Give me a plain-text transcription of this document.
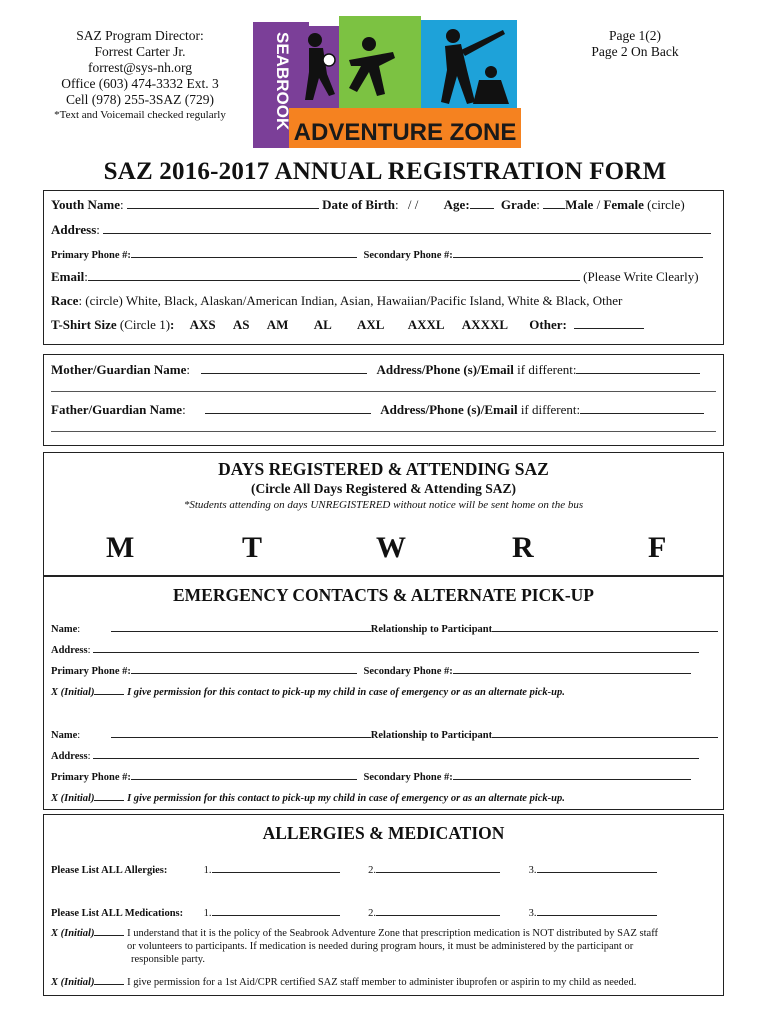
SAZ Program Director:
Forrest Carter Jr.
forrest@sys-nh.org
Office (603) 474-3332 Ext. 3
Cell (978) 255-3SAZ (729)
*Text and Voicemail checked regularly
Page 1(2)
Page 2 On Back
SEABROOK
ADVENTURE ZONE
SAZ 2016-2017 ANNUAL REGISTRATION FORM
Youth Name:	Date of Birth: / / Age: Grade: Male / Female (circle)
Address:
Primary Phone #:	Secondary Phone #:
Email:	(Please Write Clearly)
Race: (circle) White, Black, Alaskan/American Indian, Asian, Hawaiian/Pacific Island, White & Black, Other
T-Shirt Size (Circle 1): AXS AS AM AL AXL AXXL AXXXL Other:
Mother/Guardian Name:	Address/Phone (s)/Email if different:
Father/Guardian Name:	Address/Phone (s)/Email if different:
DAYS REGISTERED & ATTENDING SAZ
(Circle All Days Registered & Attending SAZ)
*Students attending on days UNREGISTERED without notice will be sent home on the bus
M	T	W	R	F
EMERGENCY CONTACTS & ALTERNATE PICK-UP
Name:	Relationship to Participant
Address:
Primary Phone #:	Secondary Phone #:
X (Initial)	I give permission for this contact to pick-up my child in case of emergency or as an alternate pick-up.
Name:	Relationship to Participant
Address:
Primary Phone #:	Secondary Phone #:
X (Initial)	I give permission for this contact to pick-up my child in case of emergency or as an alternate pick-up.
ALLERGIES & MEDICATION
Please List ALL Allergies:	1.	2.	3.
Please List ALL Medications: 1.	2.	3.
X (Initial)	I understand that it is the policy of the Seabrook Adventure Zone that prescription medication is NOT distributed by SAZ staff
or volunteers to participants. If medication is needed during program hours, it must be administered by the participant or
responsible party.
X (Initial)	I give permission for a 1st Aid/CPR certified SAZ staff member to administer ibuprofen or aspirin to my child as needed.
